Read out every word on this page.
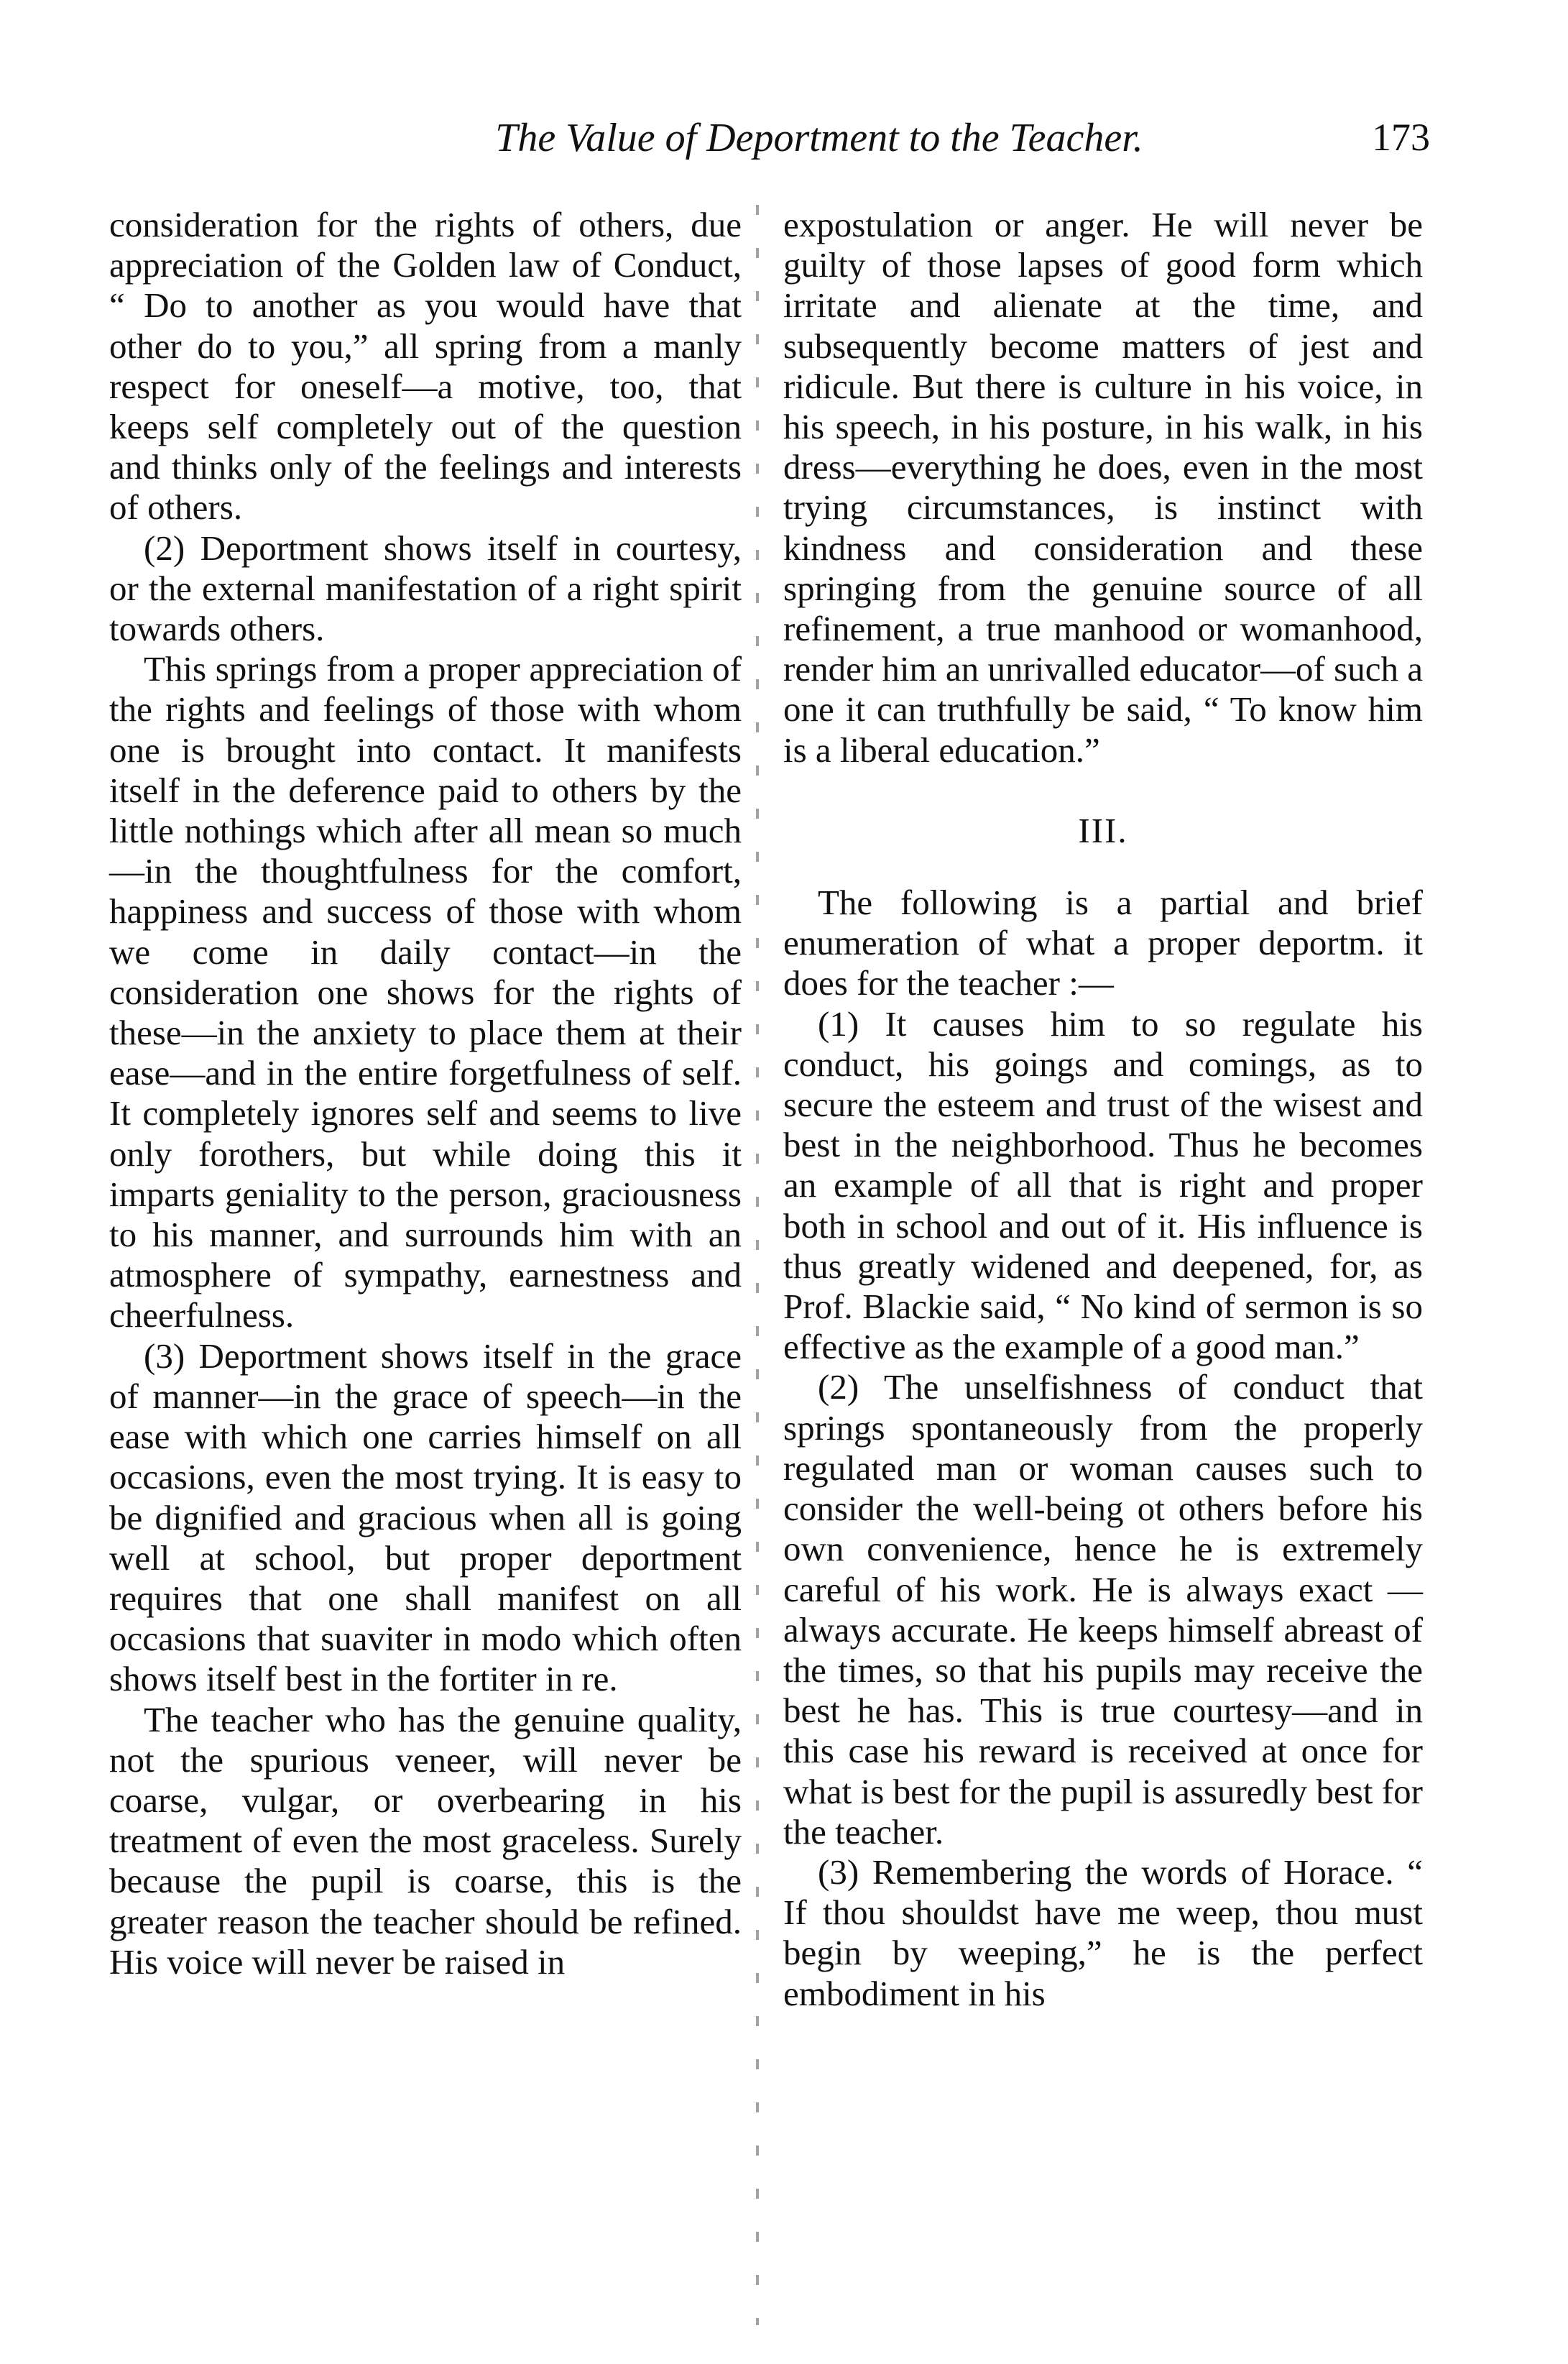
The Value of Deportment to the Teacher.	173

consideration for the rights of others, due appreciation of the Golden law of Conduct, “ Do to another as you would have that other do to you,” all spring from a manly respect for oneself—a motive, too, that keeps self completely out of the question and thinks only of the feelings and interests of others.

(2) Deportment shows itself in courtesy, or the external manifestation of a right spirit towards others.

This springs from a proper appreciation of the rights and feelings of those with whom one is brought into contact. It manifests itself in the deference paid to others by the little nothings which after all mean so much—in the thoughtfulness for the comfort, happiness and success of those with whom we come in daily contact—in the consideration one shows for the rights of these—in the anxiety to place them at their ease—and in the entire forgetfulness of self. It completely ignores self and seems to live only forothers, but while doing this it imparts geniality to the person, graciousness to his manner, and surrounds him with an atmosphere of sympathy, earnestness and cheerfulness.

(3) Deportment shows itself in the grace of manner—in the grace of speech—in the ease with which one carries himself on all occasions, even the most trying. It is easy to be dignified and gracious when all is going well at school, but proper deportment requires that one shall manifest on all occasions that suaviter in modo which often shows itself best in the fortiter in re.

The teacher who has the genuine quality, not the spurious veneer, will never be coarse, vulgar, or overbearing in his treatment of even the most graceless. Surely because the pupil is coarse, this is the greater reason the teacher should be refined. His voice will never be raised in

expostulation or anger. He will never be guilty of those lapses of good form which irritate and alienate at the time, and subsequently become matters of jest and ridicule. But there is culture in his voice, in his speech, in his posture, in his walk, in his dress—everything he does, even in the most trying circumstances, is instinct with kindness and consideration and these springing from the genuine source of all refinement, a true manhood or womanhood, render him an unrivalled educator—of such a one it can truthfully be said, “ To know him is a liberal education.”

III.

The following is a partial and brief enumeration of what a proper deportm. it does for the teacher :—

(1) It causes him to so regulate his conduct, his goings and comings, as to secure the esteem and trust of the wisest and best in the neighborhood. Thus he becomes an example of all that is right and proper both in school and out of it. His influence is thus greatly widened and deepened, for, as Prof. Blackie said, “ No kind of sermon is so effective as the example of a good man.”

(2) The unselfishness of conduct that springs spontaneously from the properly regulated man or woman causes such to consider the well-being ot others before his own convenience, hence he is extremely careful of his work. He is always exact —always accurate. He keeps himself abreast of the times, so that his pupils may receive the best he has. This is true courtesy—and in this case his reward is received at once for what is best for the pupil is assuredly best for the teacher.

(3) Remembering the words of Horace. “ If thou shouldst have me weep, thou must begin by weeping,” he is the perfect embodiment in his
